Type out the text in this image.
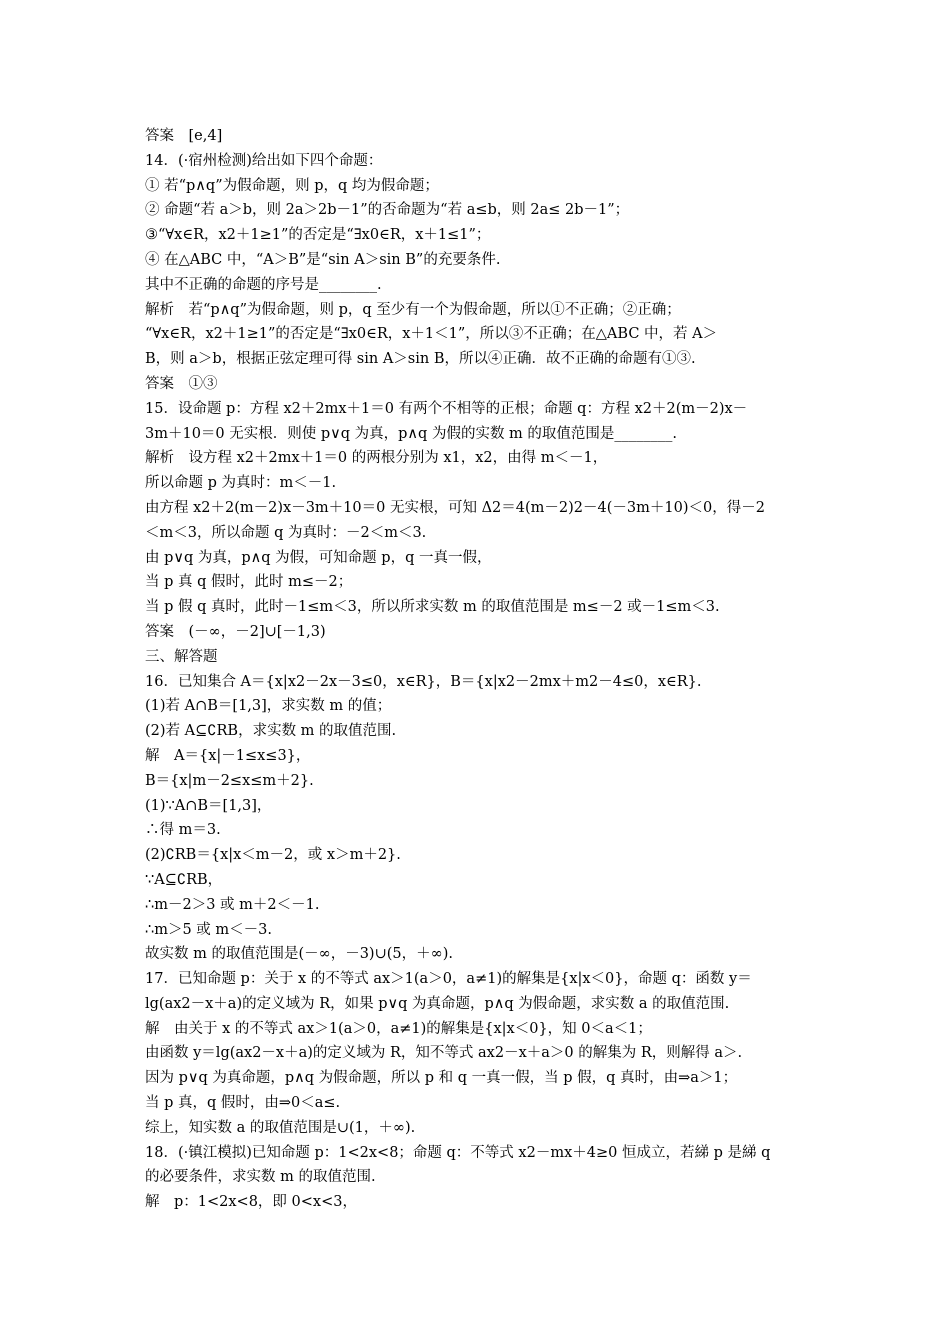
答案　[e,4]
14．(·宿州检测)给出如下四个命题：
① 若“p∧q”为假命题，则 p，q 均为假命题；
② 命题“若 a＞b，则 2a＞2b－1”的否命题为“若 a≤b，则 2a≤ 2b－1”；
③“∀x∈R，x2＋1≥1”的否定是“∃x0∈R，x＋1≤1”；
④ 在△ABC 中，“A＞B”是“sin A＞sin B”的充要条件.
其中不正确的命题的序号是________.
解析　若“p∧q”为假命题，则 p，q 至少有一个为假命题，所以①不正确；②正确；
“∀x∈R，x2＋1≥1”的否定是“∃x0∈R，x＋1＜1”，所以③不正确；在△ABC 中，若 A＞
B，则 a＞b，根据正弦定理可得 sin A＞sin B，所以④正确．故不正确的命题有①③.
答案　①③
15．设命题 p：方程 x2＋2mx＋1＝0 有两个不相等的正根；命题 q：方程 x2＋2(m－2)x－
3m＋10＝0 无实根．则使 p∨q 为真，p∧q 为假的实数 m 的取值范围是________.
解析　设方程 x2＋2mx＋1＝0 的两根分别为 x1，x2，由得 m＜－1，
所以命题 p 为真时：m＜－1.
由方程 x2＋2(m－2)x－3m＋10＝0 无实根，可知 Δ2＝4(m－2)2－4(－3m＋10)＜0，得－2
＜m＜3，所以命题 q 为真时：－2＜m＜3.
由 p∨q 为真，p∧q 为假，可知命题 p，q 一真一假，
当 p 真 q 假时，此时 m≤－2；
当 p 假 q 真时，此时－1≤m＜3，所以所求实数 m 的取值范围是 m≤－2 或－1≤m＜3.
答案　(－∞，－2]∪[－1,3)
三、解答题
16．已知集合 A＝{x|x2－2x－3≤0，x∈R}，B＝{x|x2－2mx＋m2－4≤0，x∈R}.
(1)若 A∩B＝[1,3]，求实数 m 的值；
(2)若 A⊆∁RB，求实数 m 的取值范围.
解　A＝{x|－1≤x≤3}，
B＝{x|m－2≤x≤m＋2}.
(1)∵A∩B＝[1,3]，
∴得 m＝3.
(2)∁RB＝{x|x＜m－2，或 x＞m＋2}.
∵A⊆∁RB，
∴m－2＞3 或 m＋2＜－1.
∴m＞5 或 m＜－3.
故实数 m 的取值范围是(－∞，－3)∪(5，＋∞).
17．已知命题 p：关于 x 的不等式 ax＞1(a＞0，a≠1)的解集是{x|x＜0}，命题 q：函数 y＝
lg(ax2－x＋a)的定义域为 R，如果 p∨q 为真命题，p∧q 为假命题，求实数 a 的取值范围.
解　由关于 x 的不等式 ax＞1(a＞0，a≠1)的解集是{x|x＜0}，知 0＜a＜1；
由函数 y＝lg(ax2－x＋a)的定义域为 R，知不等式 ax2－x＋a＞0 的解集为 R，则解得 a＞.
因为 p∨q 为真命题，p∧q 为假命题，所以 p 和 q 一真一假，当 p 假，q 真时，由⇒a＞1；
当 p 真，q 假时，由⇒0＜a≤.
综上，知实数 a 的取值范围是∪(1，＋∞).
18．(·镇江模拟)已知命题 p：1<2x<8；命题 q：不等式 x2－mx＋4≥0 恒成立，若綈 p 是綈 q
的必要条件，求实数 m 的取值范围.
解　p：1<2x<8，即 0<x<3，
